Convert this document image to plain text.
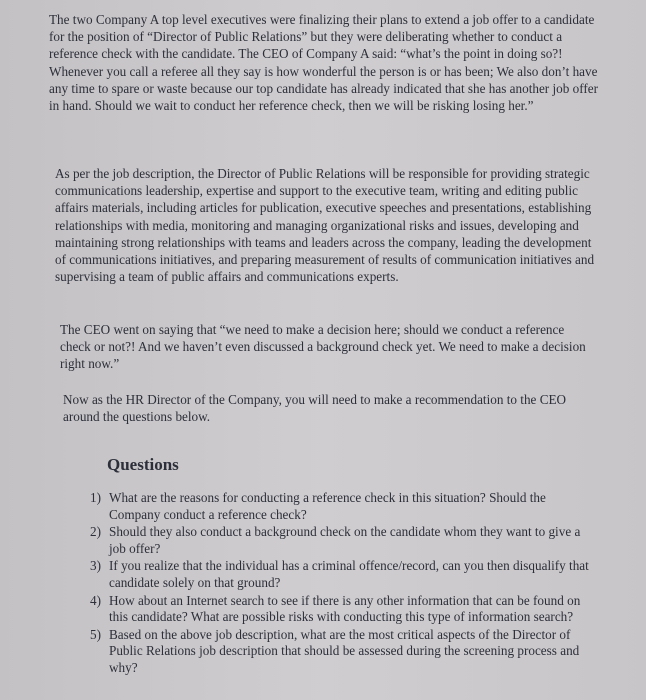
The two Company A top level executives were finalizing their plans to extend a job offer to a candidate for the position of “Director of Public Relations” but they were deliberating whether to conduct a reference check with the candidate. The CEO of Company A said: “what’s the point in doing so?! Whenever you call a referee all they say is how wonderful the person is or has been; We also don’t have any time to spare or waste because our top candidate has already indicated that she has another job offer in hand. Should we wait to conduct her reference check, then we will be risking losing her.”

As per the job description, the Director of Public Relations will be responsible for providing strategic communications leadership, expertise and support to the executive team, writing and editing public affairs materials, including articles for publication, executive speeches and presentations, establishing relationships with media, monitoring and managing organizational risks and issues, developing and maintaining strong relationships with teams and leaders across the company, leading the development of communications initiatives, and preparing measurement of results of communication initiatives and supervising a team of public affairs and communications experts.

The CEO went on saying that “we need to make a decision here; should we conduct a reference check or not?! And we haven’t even discussed a background check yet. We need to make a decision right now.”

Now as the HR Director of the Company, you will need to make a recommendation to the CEO around the questions below.

Questions
1) What are the reasons for conducting a reference check in this situation? Should the Company conduct a reference check?
2) Should they also conduct a background check on the candidate whom they want to give a job offer?
3) If you realize that the individual has a criminal offence/record, can you then disqualify that candidate solely on that ground?
4) How about an Internet search to see if there is any other information that can be found on this candidate? What are possible risks with conducting this type of information search?
5) Based on the above job description, what are the most critical aspects of the Director of Public Relations job description that should be assessed during the screening process and why?
